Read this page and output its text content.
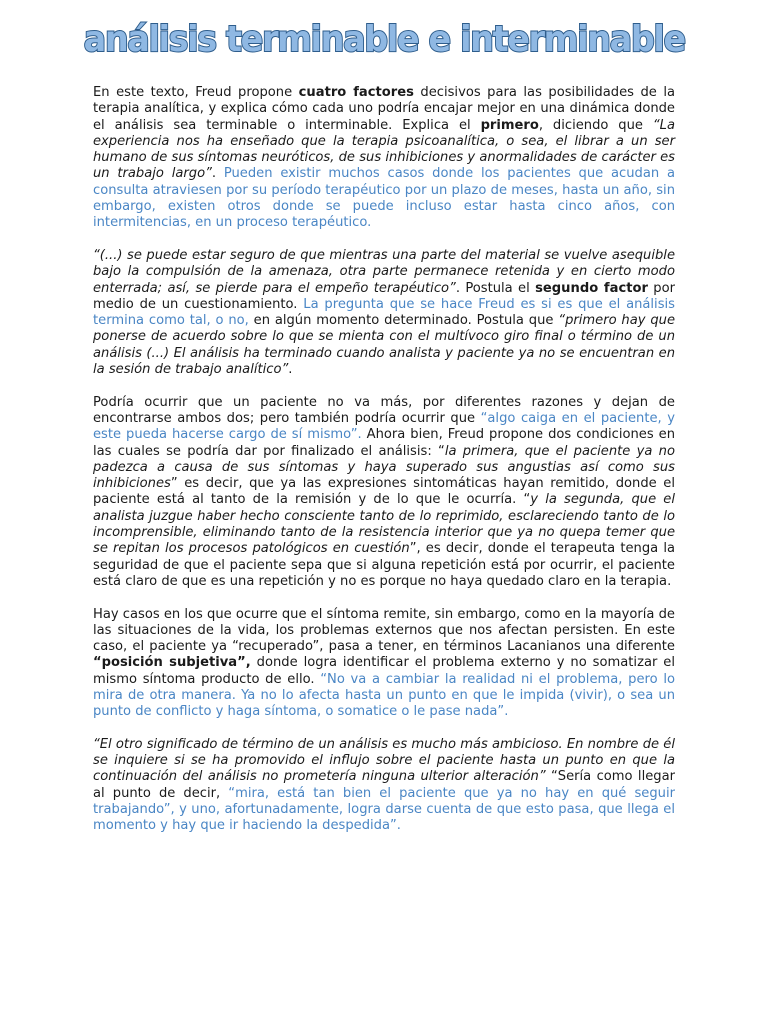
análisis terminable e interminable

En este texto, Freud propone cuatro factores decisivos para las posibilidades de la terapia analítica, y explica cómo cada uno podría encajar mejor en una dinámica donde el análisis sea terminable o interminable. Explica el primero, diciendo que “La experiencia nos ha enseñado que la terapia psicoanalítica, o sea, el librar a un ser humano de sus síntomas neuróticos, de sus inhibiciones y anormalidades de carácter es un trabajo largo”. Pueden existir muchos casos donde los pacientes que acudan a consulta atraviesen por su período terapéutico por un plazo de meses, hasta un año, sin embargo, existen otros donde se puede incluso estar hasta cinco años, con intermitencias, en un proceso terapéutico.

“(...) se puede estar seguro de que mientras una parte del material se vuelve asequible bajo la compulsión de la amenaza, otra parte permanece retenida y en cierto modo enterrada; así, se pierde para el empeño terapéutico”. Postula el segundo factor por medio de un cuestionamiento. La pregunta que se hace Freud es si es que el análisis termina como tal, o no, en algún momento determinado. Postula que “primero hay que ponerse de acuerdo sobre lo que se mienta con el multívoco giro final o término de un análisis (...) El análisis ha terminado cuando analista y paciente ya no se encuentran en la sesión de trabajo analítico”.

Podría ocurrir que un paciente no va más, por diferentes razones y dejan de encontrarse ambos dos; pero también podría ocurrir que “algo caiga en el paciente, y este pueda hacerse cargo de sí mismo”. Ahora bien, Freud propone dos condiciones en las cuales se podría dar por finalizado el análisis: “la primera, que el paciente ya no padezca a causa de sus síntomas y haya superado sus angustias así como sus inhibiciones” es decir, que ya las expresiones sintomáticas hayan remitido, donde el paciente está al tanto de la remisión y de lo que le ocurría. “y la segunda, que el analista juzgue haber hecho consciente tanto de lo reprimido, esclareciendo tanto de lo incomprensible, eliminando tanto de la resistencia interior que ya no quepa temer que se repitan los procesos patológicos en cuestión”, es decir, donde el terapeuta tenga la seguridad de que el paciente sepa que si alguna repetición está por ocurrir, el paciente está claro de que es una repetición y no es porque no haya quedado claro en la terapia.

Hay casos en los que ocurre que el síntoma remite, sin embargo, como en la mayoría de las situaciones de la vida, los problemas externos que nos afectan persisten. En este caso, el paciente ya “recuperado”, pasa a tener, en términos Lacanianos una diferente “posición subjetiva”, donde logra identificar el problema externo y no somatizar el mismo síntoma producto de ello. “No va a cambiar la realidad ni el problema, pero lo mira de otra manera. Ya no lo afecta hasta un punto en que le impida (vivir), o sea un punto de conflicto y haga síntoma, o somatice o le pase nada”.

“El otro significado de término de un análisis es mucho más ambicioso. En nombre de él se inquiere si se ha promovido el influjo sobre el paciente hasta un punto en que la continuación del análisis no prometería ninguna ulterior alteración” “Sería como llegar al punto de decir, “mira, está tan bien el paciente que ya no hay en qué seguir trabajando”, y uno, afortunadamente, logra darse cuenta de que esto pasa, que llega el momento y hay que ir haciendo la despedida”.
